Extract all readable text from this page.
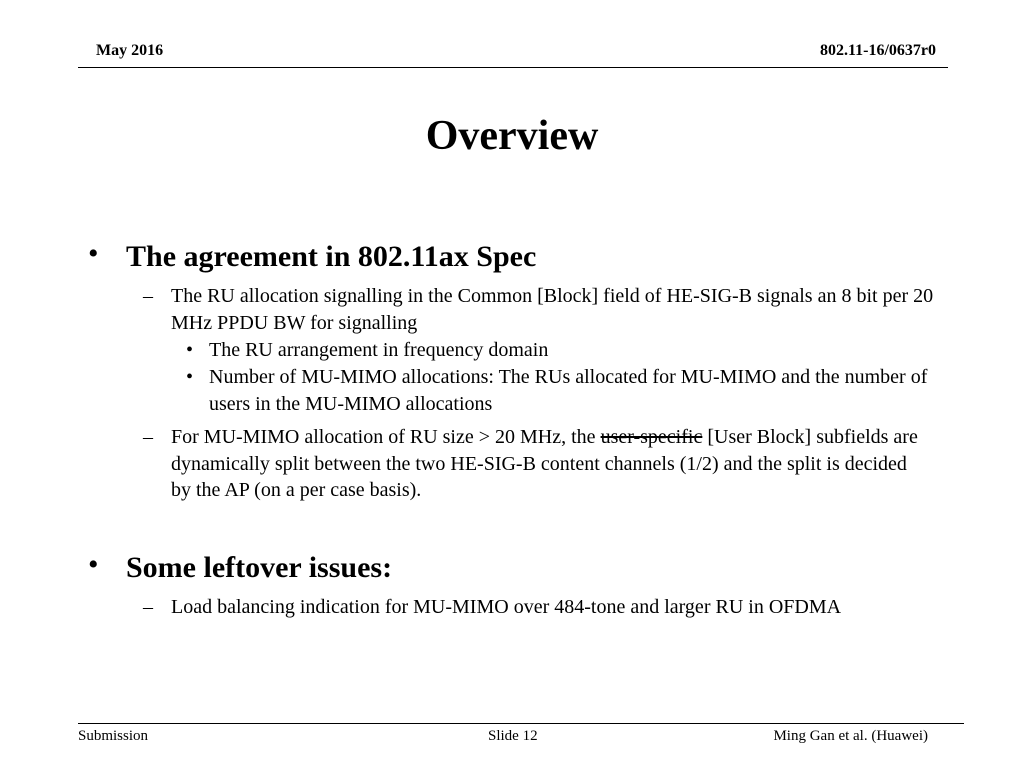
May 2016	802.11-16/0637r0
Overview
• The agreement in 802.11ax Spec
– The RU allocation signalling in the Common [Block] field of HE-SIG-B signals an 8 bit per 20 MHz PPDU BW for signalling
• The RU arrangement in frequency domain
• Number of MU-MIMO allocations: The RUs allocated for MU-MIMO and the number of users in the MU-MIMO allocations
– For MU-MIMO allocation of RU size > 20 MHz, the user-specific [User Block] subfields are dynamically split between the two HE-SIG-B content channels (1/2) and the split is decided by the AP (on a per case basis).
• Some leftover issues:
– Load balancing indication for MU-MIMO over 484-tone and larger RU in OFDMA
Submission	Slide 12	Ming Gan et al. (Huawei)
